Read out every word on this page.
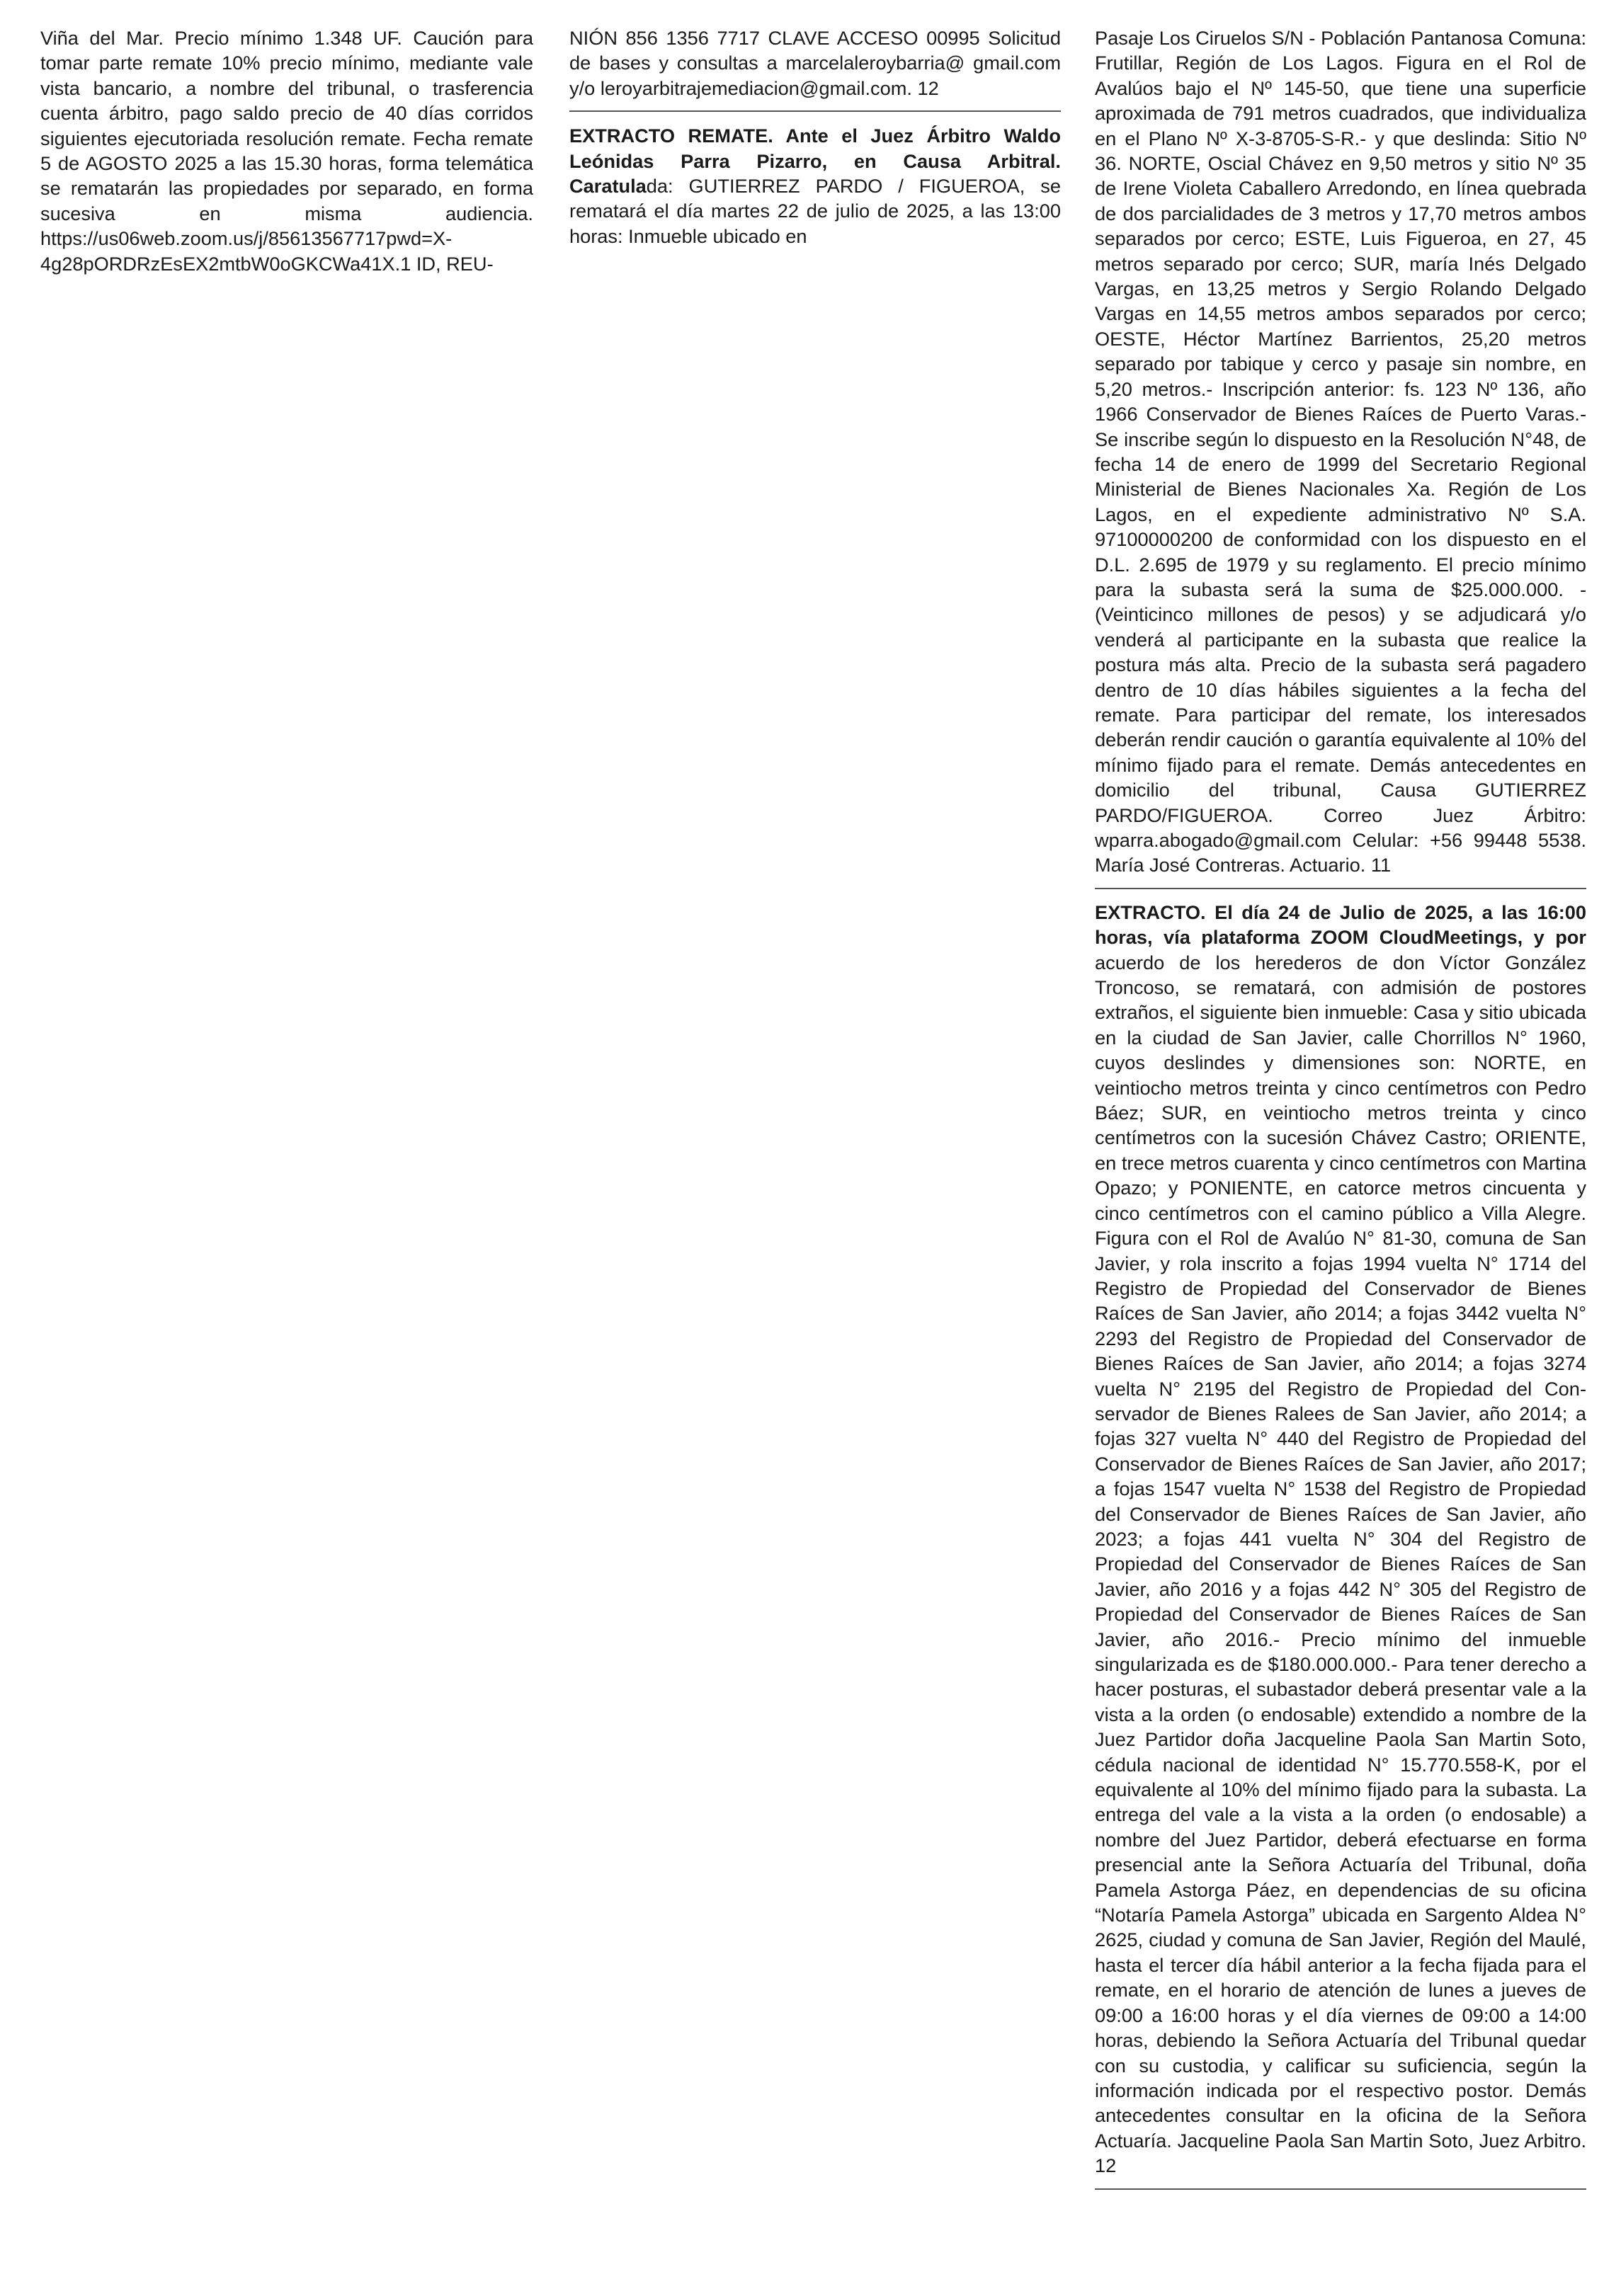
Viña del Mar. Precio mínimo 1.348 UF. Caución para tomar parte remate 10% precio mínimo, mediante vale vista bancario, a nombre del tribunal, o trasferencia cuenta árbitro, pago saldo precio de 40 días corridos siguientes ejecutoriada resolución remate. Fecha remate 5 de AGOSTO 2025 a las 15.30 horas, forma telemática se rematarán las propiedades por separado, en forma sucesiva en misma audiencia. https://us06web.zoom.us/j/85613567717pwd=X-4g28pORDRzEsEX2mtbW0oGKCWa41X.1 ID, REU-

NIÓN 856 1356 7717 CLAVE ACCESO 00995 Solicitud de bases y consultas a marcelaleroybarria@ gmail.com y/o leroyarbitrajemediacion@gmail.com. 12

EXTRACTO REMATE. Ante el Juez Árbitro Waldo Leónidas Parra Pizarro, en Causa Arbitral. Caratulada: GUTIERREZ PARDO / FIGUEROA, se rematará el día martes 22 de julio de 2025, a las 13:00 horas: Inmueble ubicado en

Pasaje Los Ciruelos S/N - Población Pantanosa Comuna: Frutillar, Región de Los Lagos. Figura en el Rol de Avalúos bajo el Nº 145-50, que tiene una superficie aproximada de 791 metros cuadrados, que individualiza en el Plano Nº X-3-8705-S-R.- y que deslinda: Sitio Nº 36. NORTE, Oscial Chávez en 9,50 metros y sitio Nº 35 de Irene Violeta Caballero Arredondo, en línea quebrada de dos parcialidades de 3 metros y 17,70 metros ambos separados por cerco; ESTE, Luis Figueroa, en 27, 45 metros separado por cerco; SUR, maría Inés Delgado Vargas, en 13,25 metros y Sergio Rolando Delgado Vargas en 14,55 metros ambos separados por cerco; OESTE, Héctor Martínez Barrientos, 25,20 metros separado por tabique y cerco y pasaje sin nombre, en 5,20 metros.- Inscripción anterior: fs. 123 Nº 136, año 1966 Conservador de Bienes Raíces de Puerto Varas.- Se inscribe según lo dispuesto en la Resolución N°48, de fecha 14 de enero de 1999 del Secretario Regional Ministerial de Bienes Nacionales Xa. Región de Los Lagos, en el expediente administrativo Nº S.A. 97100000200 de conformidad con los dispuesto en el D.L. 2.695 de 1979 y su reglamento. El precio mínimo para la subasta será la suma de $25.000.000. - (Veinticinco millones de pesos) y se adjudicará y/o venderá al participante en la subasta que realice la postura más alta. Precio de la subasta será pagadero dentro de 10 días hábiles siguientes a la fecha del remate. Para participar del remate, los interesados deberán rendir caución o garantía equivalente al 10% del mínimo fijado para el remate. Demás antecedentes en domicilio del tribunal, Causa GUTIERREZ PARDO/FIGUEROA. Correo Juez Árbitro: wparra.abogado@gmail.com Celular: +56 99448 5538. María José Contreras. Actuario. 11

EXTRACTO. El día 24 de Julio de 2025, a las 16:00 horas, vía plataforma ZOOM CloudMeetings, y por acuerdo de los herederos de don Víctor González Troncoso, se rematará, con admisión de postores extraños, el siguiente bien inmueble: Casa y sitio ubicada en la ciudad de San Javier, calle Chorrillos N° 1960, cuyos deslindes y dimensiones son: NORTE, en veintiocho metros treinta y cinco centímetros con Pedro Báez; SUR, en veintiocho metros treinta y cinco centímetros con la sucesión Chávez Castro; ORIENTE, en trece metros cuarenta y cinco centímetros con Martina Opazo; y PONIENTE, en catorce metros cincuenta y cinco centímetros con el camino público a Villa Alegre. Figura con el Rol de Avalúo N° 81-30, comuna de San Javier, y rola inscrito a fojas 1994 vuelta N° 1714 del Registro de Propiedad del Conservador de Bienes Raíces de San Javier, año 2014; a fojas 3442 vuelta N° 2293 del Registro de Propiedad del Conservador de Bienes Raíces de San Javier, año 2014; a fojas 3274 vuelta N° 2195 del Registro de Propiedad del Conservador de Bienes Ralees de San Javier, año 2014; a fojas 327 vuelta N° 440 del Registro de Propiedad del Conservador de Bienes Raíces de San Javier, año 2017; a fojas 1547 vuelta N° 1538 del Registro de Propiedad del Conservador de Bienes Raíces de San Javier, año 2023; a fojas 441 vuelta N° 304 del Registro de Propiedad del Conservador de Bienes Raíces de San Javier, año 2016 y a fojas 442 N° 305 del Registro de Propiedad del Conservador de Bienes Raíces de San Javier, año 2016.- Precio mínimo del inmueble singularizada es de $180.000.000.- Para tener derecho a hacer posturas, el subastador deberá presentar vale a la vista a la orden (o endosable) extendido a nombre de la Juez Partidor doña Jacqueline Paola San Martin Soto, cédula nacional de identidad N° 15.770.558-K, por el equivalente al 10% del mínimo fijado para la subasta. La entrega del vale a la vista a la orden (o endosable) a nombre del Juez Partidor, deberá efectuarse en forma presencial ante la Señora Actuaría del Tribunal, doña Pamela Astorga Páez, en dependencias de su oficina “Notaría Pamela Astorga” ubicada en Sargento Aldea N° 2625, ciudad y comuna de San Javier, Región del Maulé, hasta el tercer día hábil anterior a la fecha fijada para el remate, en el horario de atención de lunes a jueves de 09:00 a 16:00 horas y el día viernes de 09:00 a 14:00 horas, debiendo la Señora Actuaría del Tribunal quedar con su custodia, y calificar su suficiencia, según la información indicada por el respectivo postor. Demás antecedentes consultar en la oficina de la Señora Actuaría. Jacqueline Paola San Martin Soto, Juez Arbitro. 12
